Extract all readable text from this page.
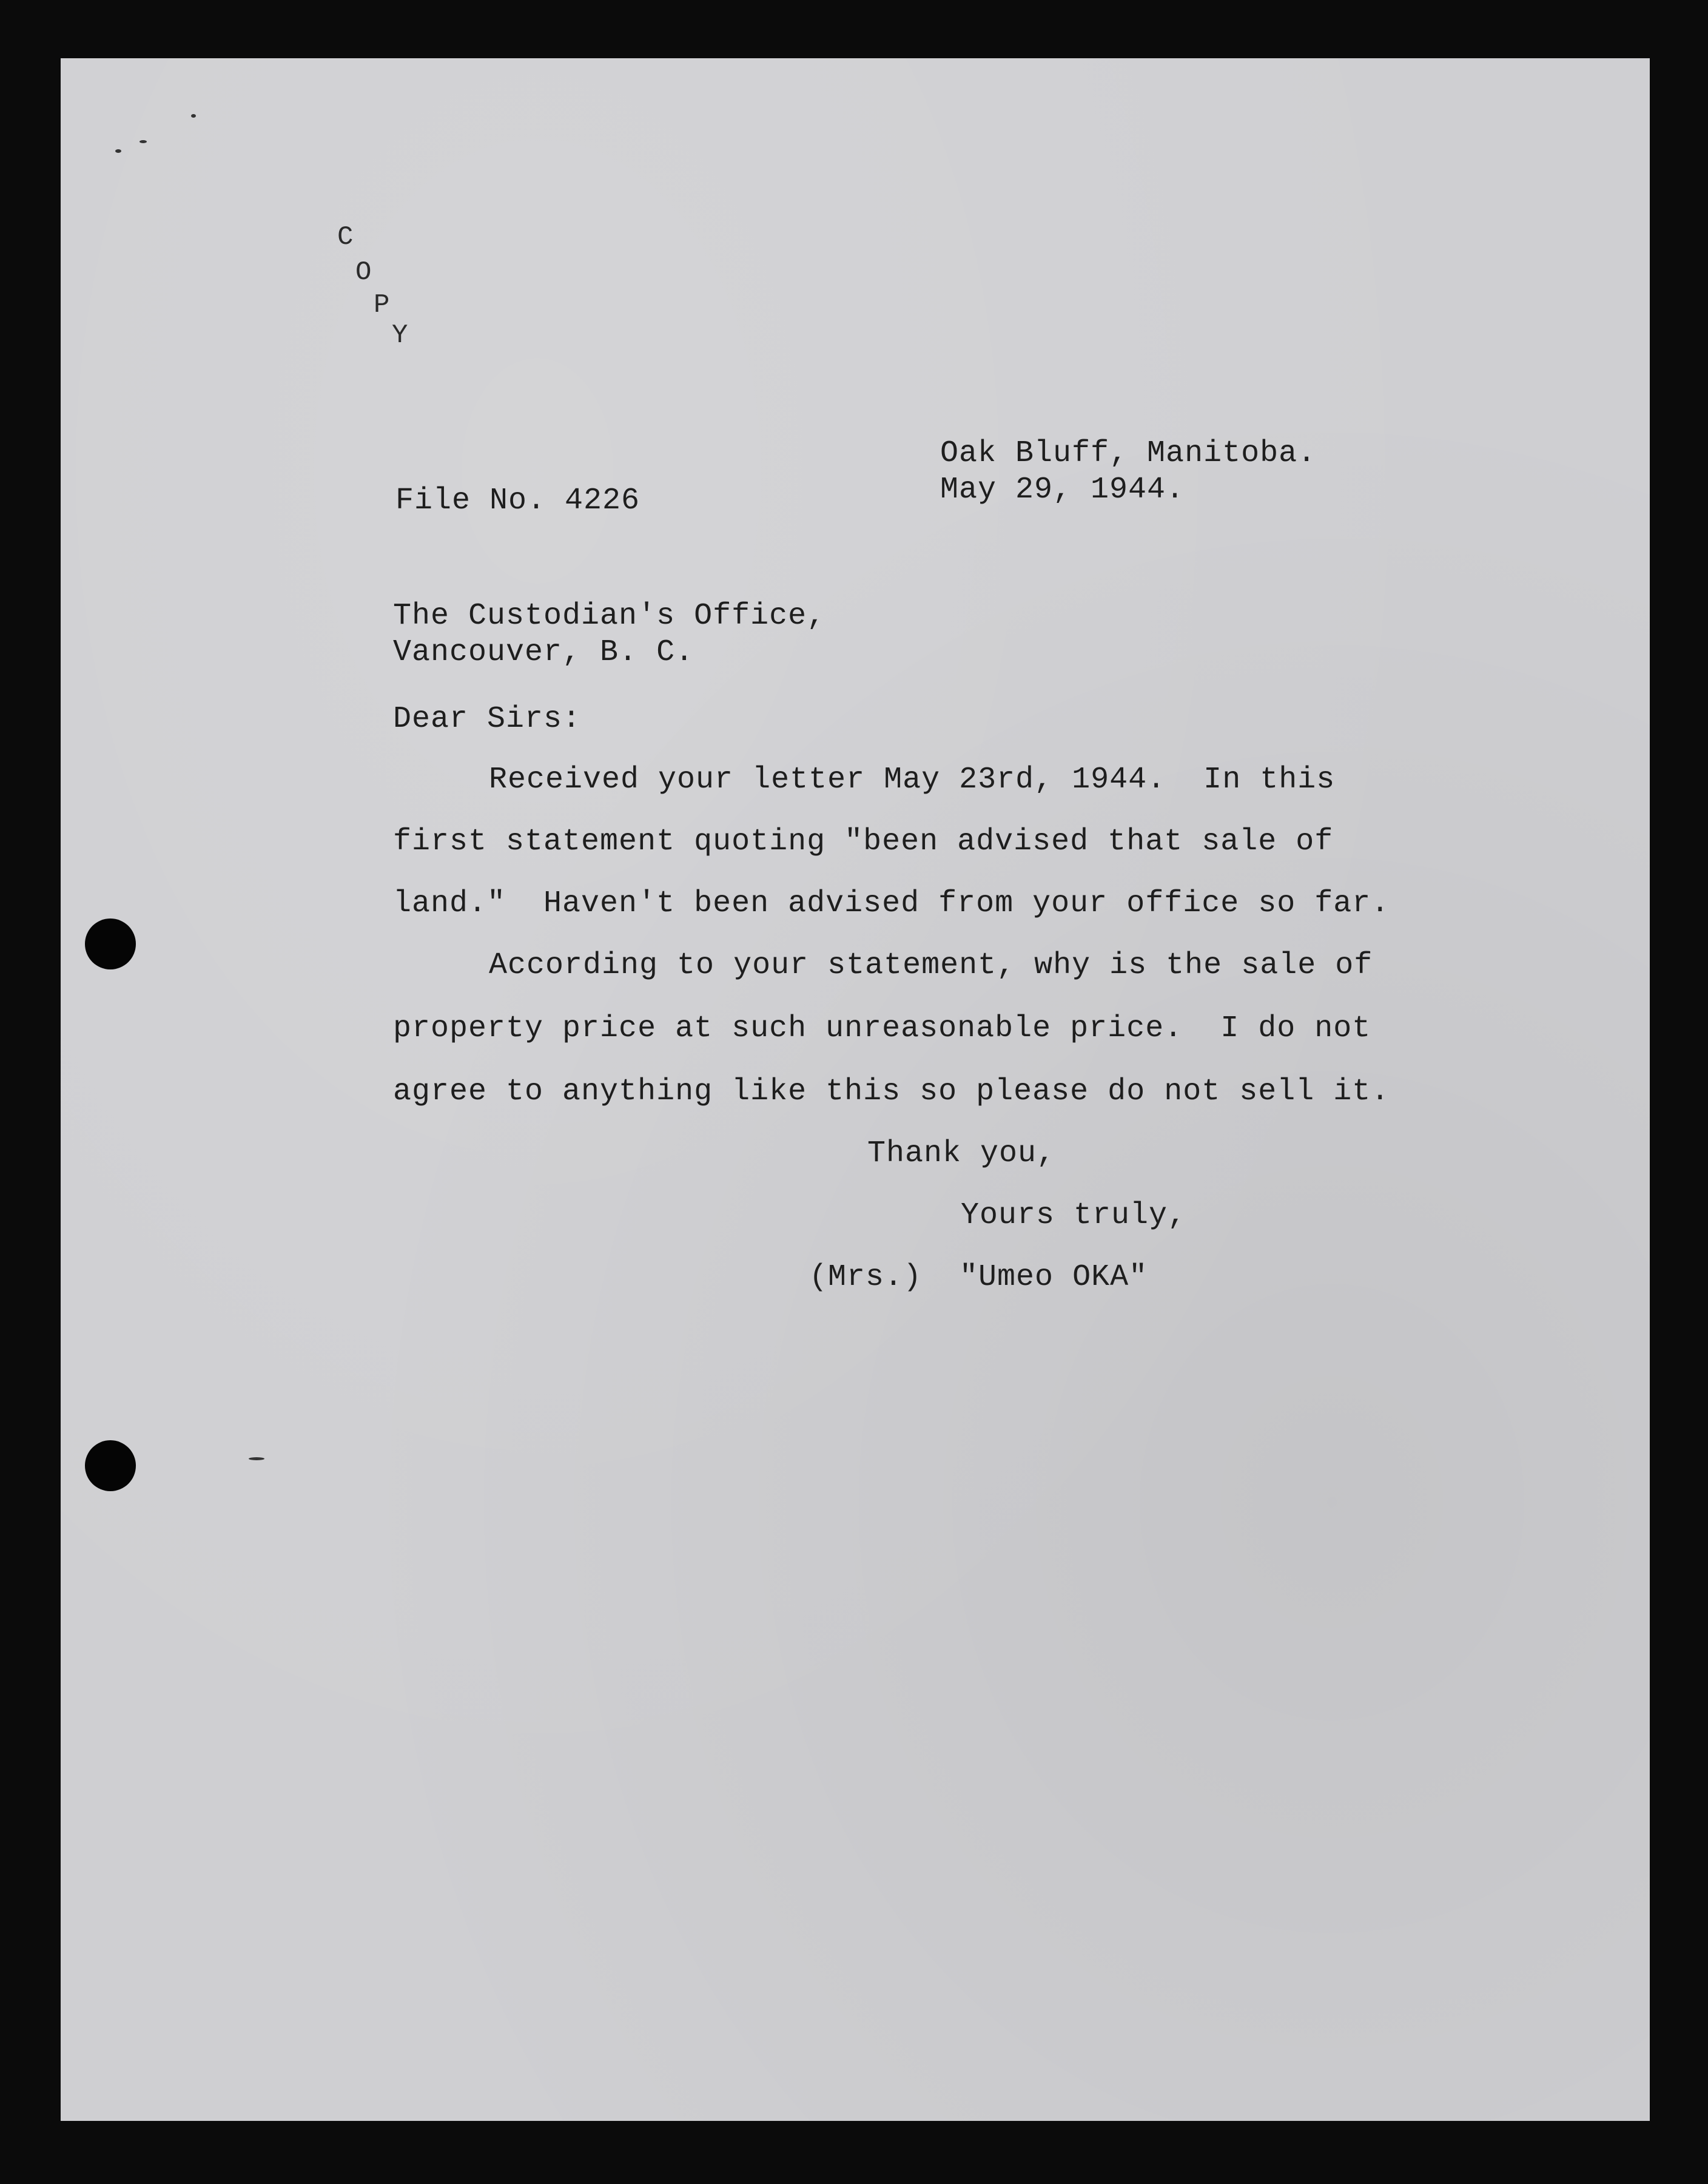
C
O
P
Y
Oak Bluff, Manitoba.
May 29, 1944.
File No. 4226
The Custodian's Office,
Vancouver, B. C.
Dear Sirs:
Received your letter May 23rd, 1944.  In this
first statement quoting "been advised that sale of
land."  Haven't been advised from your office so far.
According to your statement, why is the sale of
property price at such unreasonable price.  I do not
agree to anything like this so please do not sell it.
Thank you,
Yours truly,
(Mrs.)  "Umeo OKA"
